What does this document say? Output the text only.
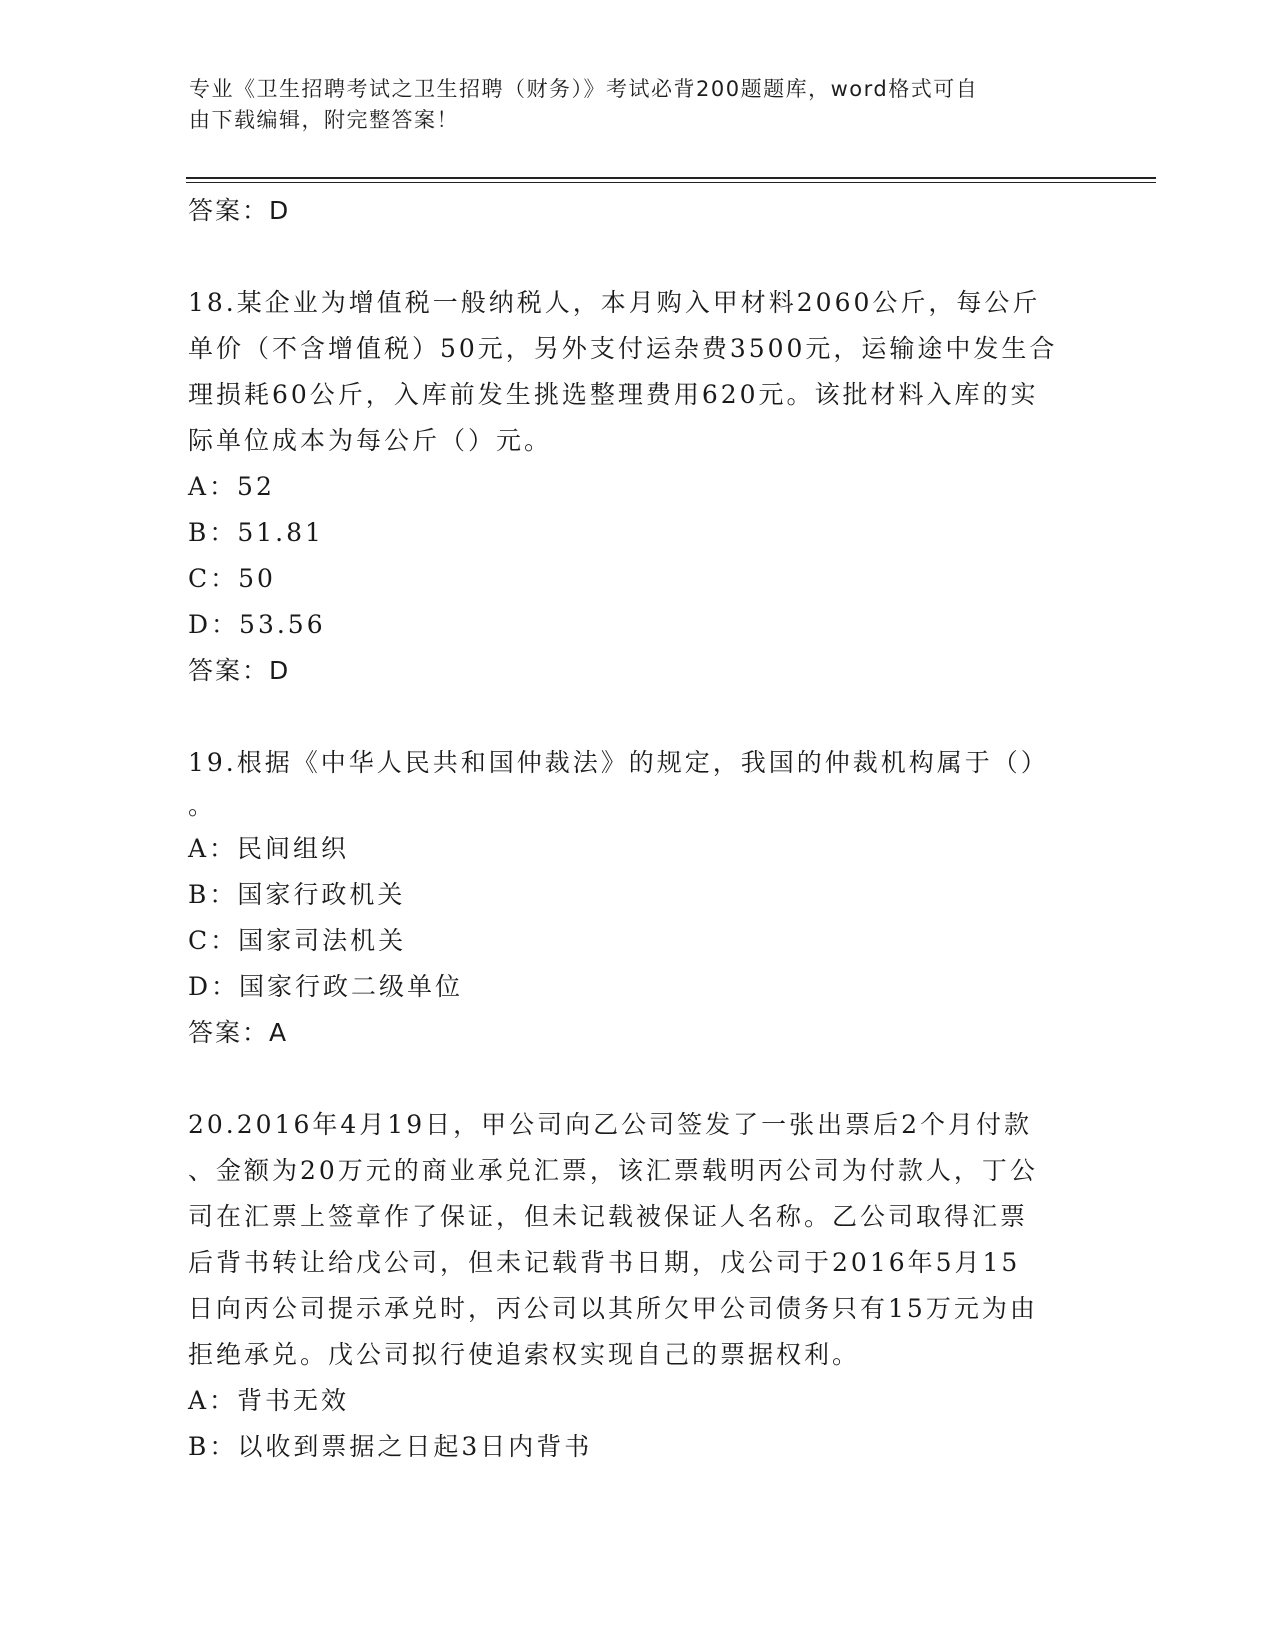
专业《卫生招聘考试之卫生招聘（财务）》考试必背200题题库，word格式可自
由下载编辑，附完整答案！
答案：D
18.某企业为增值税一般纳税人，本月购入甲材料2060公斤，每公斤
单价（不含增值税）50元，另外支付运杂费3500元，运输途中发生合
理损耗60公斤，入库前发生挑选整理费用620元。该批材料入库的实
际单位成本为每公斤（）元。
A：52
B：51.81
C：50
D：53.56
答案：D
19.根据《中华人民共和国仲裁法》的规定，我国的仲裁机构属于（）
。
A：民间组织
B：国家行政机关
C：国家司法机关
D：国家行政二级单位
答案：A
20.2016年4月19日，甲公司向乙公司签发了一张出票后2个月付款
、金额为20万元的商业承兑汇票，该汇票载明丙公司为付款人，丁公
司在汇票上签章作了保证，但未记载被保证人名称。乙公司取得汇票
后背书转让给戊公司，但未记载背书日期，戊公司于2016年5月15
日向丙公司提示承兑时，丙公司以其所欠甲公司债务只有15万元为由
拒绝承兑。戊公司拟行使追索权实现自己的票据权利。
A：背书无效
B：以收到票据之日起3日内背书
